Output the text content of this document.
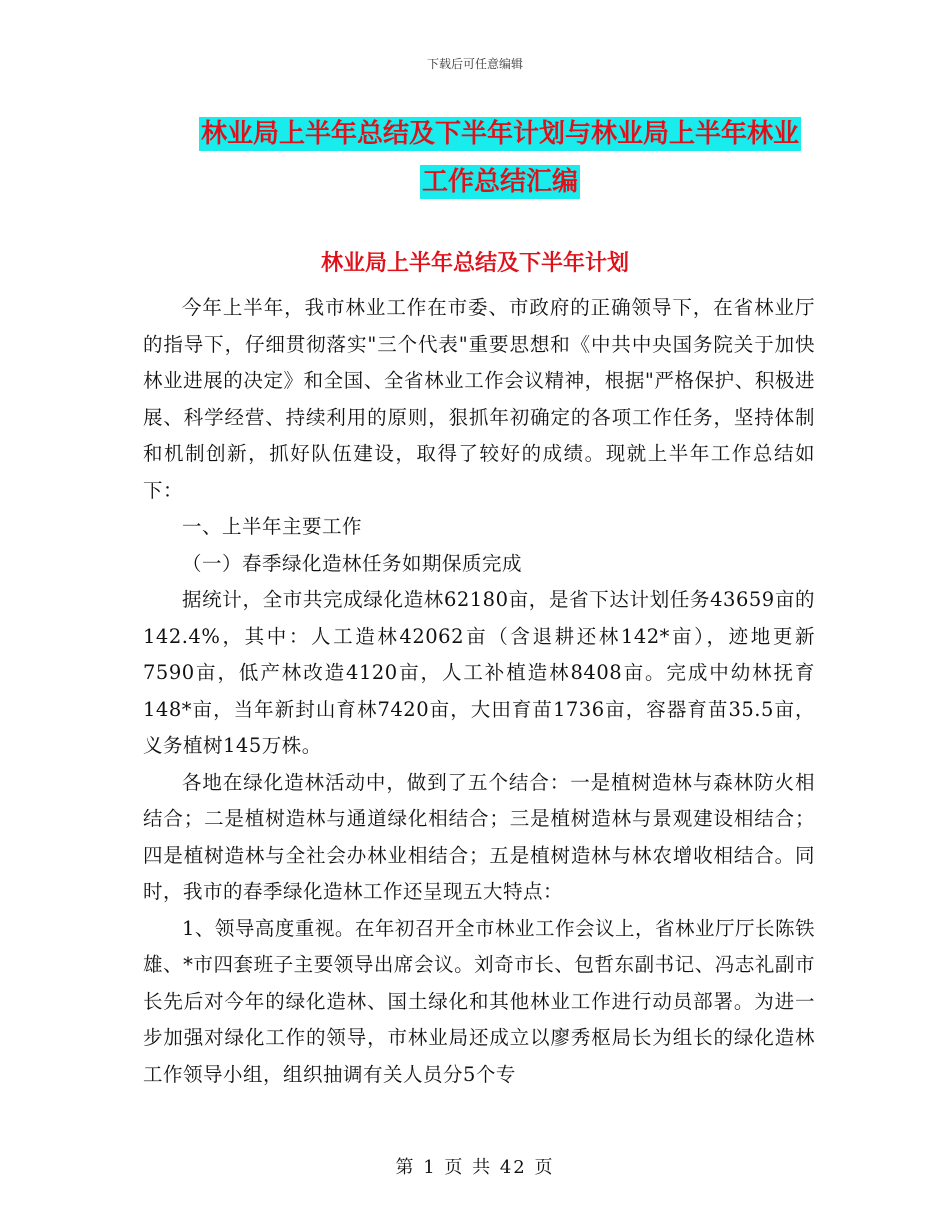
下载后可任意编辑
林业局上半年总结及下半年计划与林业局上半年林业
工作总结汇编
林业局上半年总结及下半年计划

今年上半年，我市林业工作在市委、市政府的正确领导下，在省林业厅的指导下，仔细贯彻落实"三个代表"重要思想和《中共中央国务院关于加快林业进展的决定》和全国、全省林业工作会议精神，根据"严格保护、积极进展、科学经营、持续利用的原则，狠抓年初确定的各项工作任务，坚持体制和机制创新，抓好队伍建设，取得了较好的成绩。现就上半年工作总结如下：

一、上半年主要工作

（一）春季绿化造林任务如期保质完成

据统计，全市共完成绿化造林62180亩，是省下达计划任务43659亩的142.4%，其中：人工造林42062亩（含退耕还林142*亩），迹地更新7590亩，低产林改造4120亩，人工补植造林8408亩。完成中幼林抚育148*亩，当年新封山育林7420亩，大田育苗1736亩，容器育苗35.5亩，义务植树145万株。

各地在绿化造林活动中，做到了五个结合：一是植树造林与森林防火相结合；二是植树造林与通道绿化相结合；三是植树造林与景观建设相结合；四是植树造林与全社会办林业相结合；五是植树造林与林农增收相结合。同时，我市的春季绿化造林工作还呈现五大特点：

1、领导高度重视。在年初召开全市林业工作会议上，省林业厅厅长陈铁雄、*市四套班子主要领导出席会议。刘奇市长、包哲东副书记、冯志礼副市长先后对今年的绿化造林、国土绿化和其他林业工作进行动员部署。为进一步加强对绿化工作的领导，市林业局还成立以廖秀枢局长为组长的绿化造林工作领导小组，组织抽调有关人员分5个专

第 1 页 共 42 页
